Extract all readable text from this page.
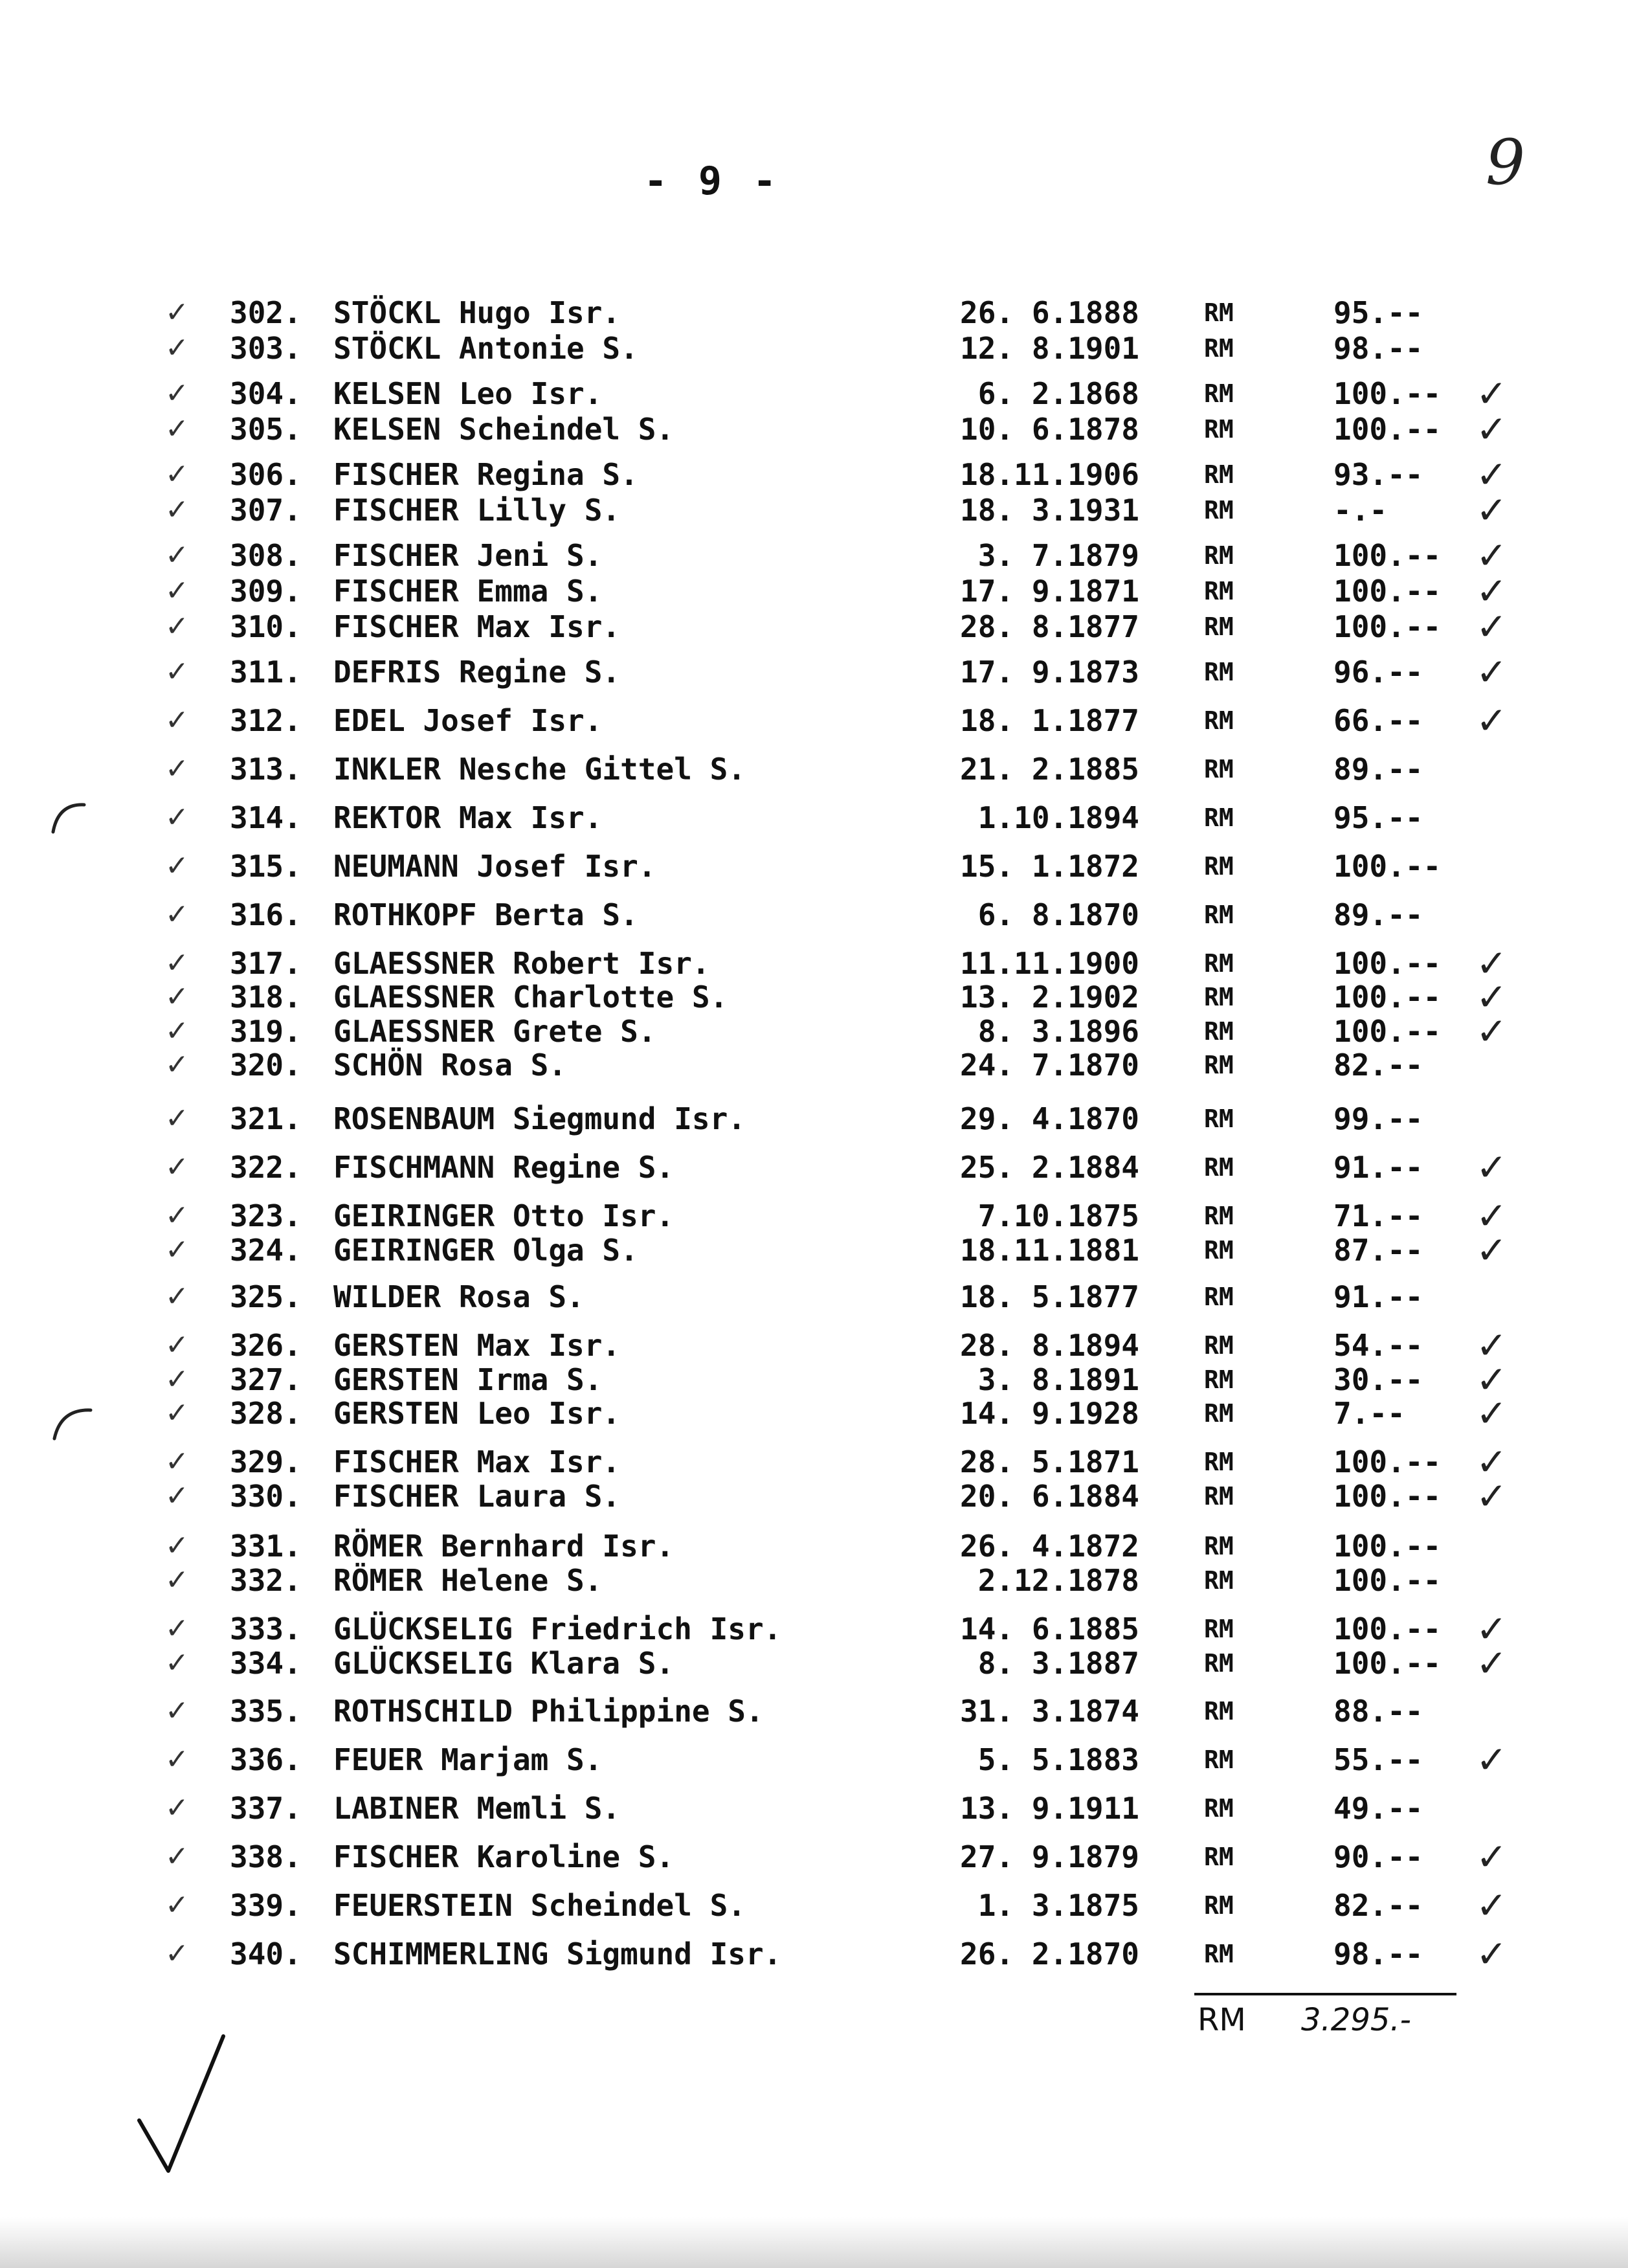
- 9 -	9
✓	302.	STÖCKL Hugo Isr.	26. 6.1888	RM	95.--
✓	303.	STÖCKL Antonie S.	12. 8.1901	RM	98.--
✓	304.	KELSEN Leo Isr.	6. 2.1868	RM	100.-- ✓
✓	305.	KELSEN Scheindel S.	10. 6.1878	RM	100.-- ✓
✓	306.	FISCHER Regina S.	18.11.1906	RM	93.--	✓
✓	307.	FISCHER Lilly S.	18. 3.1931	RM	-.-	✓
✓	308.	FISCHER Jeni S.	3. 7.1879	RM	100.-- ✓
✓	309.	FISCHER Emma S.	17. 9.1871	RM	100.-- ✓
✓	310.	FISCHER Max Isr.	28. 8.1877	RM	100.-- ✓
✓	311.	DEFRIS Regine S.	17. 9.1873	RM	96.--	✓
✓	312.	EDEL Josef Isr.	18. 1.1877	RM	66.--	✓
✓	313.	INKLER Nesche Gittel S.	21. 2.1885	RM	89.--
✓	314.	REKTOR Max Isr.	1.10.1894	RM	95.--
✓	315.	NEUMANN Josef Isr.	15. 1.1872	RM	100.--
✓	316.	ROTHKOPF Berta S.	6. 8.1870	RM	89.--
✓	317.	GLAESSNER Robert Isr.	11.11.1900	RM	100.-- ✓
✓	318.	GLAESSNER Charlotte S.	13. 2.1902	RM	100.-- ✓
✓	319.	GLAESSNER Grete S.	8. 3.1896	RM	100.-- ✓
✓	320.	SCHÖN Rosa S.	24. 7.1870	RM	82.--
✓	321.	ROSENBAUM Siegmund Isr.	29. 4.1870	RM	99.--
✓	322.	FISCHMANN Regine S.	25. 2.1884	RM	91.--	✓
✓	323.	GEIRINGER Otto Isr.	7.10.1875	RM	71.--	✓
✓	324.	GEIRINGER Olga S.	18.11.1881	RM	87.--	✓
✓	325.	WILDER Rosa S.	18. 5.1877	RM	91.--
✓	326.	GERSTEN Max Isr.	28. 8.1894	RM	54.--	✓
✓	327.	GERSTEN Irma S.	3. 8.1891	RM	30.--	✓
✓	328.	GERSTEN Leo Isr.	14. 9.1928	RM	7.--	✓
✓	329.	FISCHER Max Isr.	28. 5.1871	RM	100.-- ✓
✓	330.	FISCHER Laura S.	20. 6.1884	RM	100.-- ✓
✓	331.	RÖMER Bernhard Isr.	26. 4.1872	RM	100.--
✓	332.	RÖMER Helene S.	2.12.1878	RM	100.--
✓	333.	GLÜCKSELIG Friedrich Isr.	14. 6.1885	RM	100.-- ✓
✓	334.	GLÜCKSELIG Klara S.	8. 3.1887	RM	100.-- ✓
✓	335.	ROTHSCHILD Philippine S.	31. 3.1874	RM	88.--
✓	336.	FEUER Marjam S.	5. 5.1883	RM	55.--	✓
✓	337.	LABINER Memli S.	13. 9.1911	RM	49.--
✓	338.	FISCHER Karoline S.	27. 9.1879	RM	90.--	✓
✓	339.	FEUERSTEIN Scheindel S.	1. 3.1875	RM	82.--	✓
✓	340.	SCHIMMERLING Sigmund Isr.	26. 2.1870	RM	98.--	✓
RM 3.295.-
